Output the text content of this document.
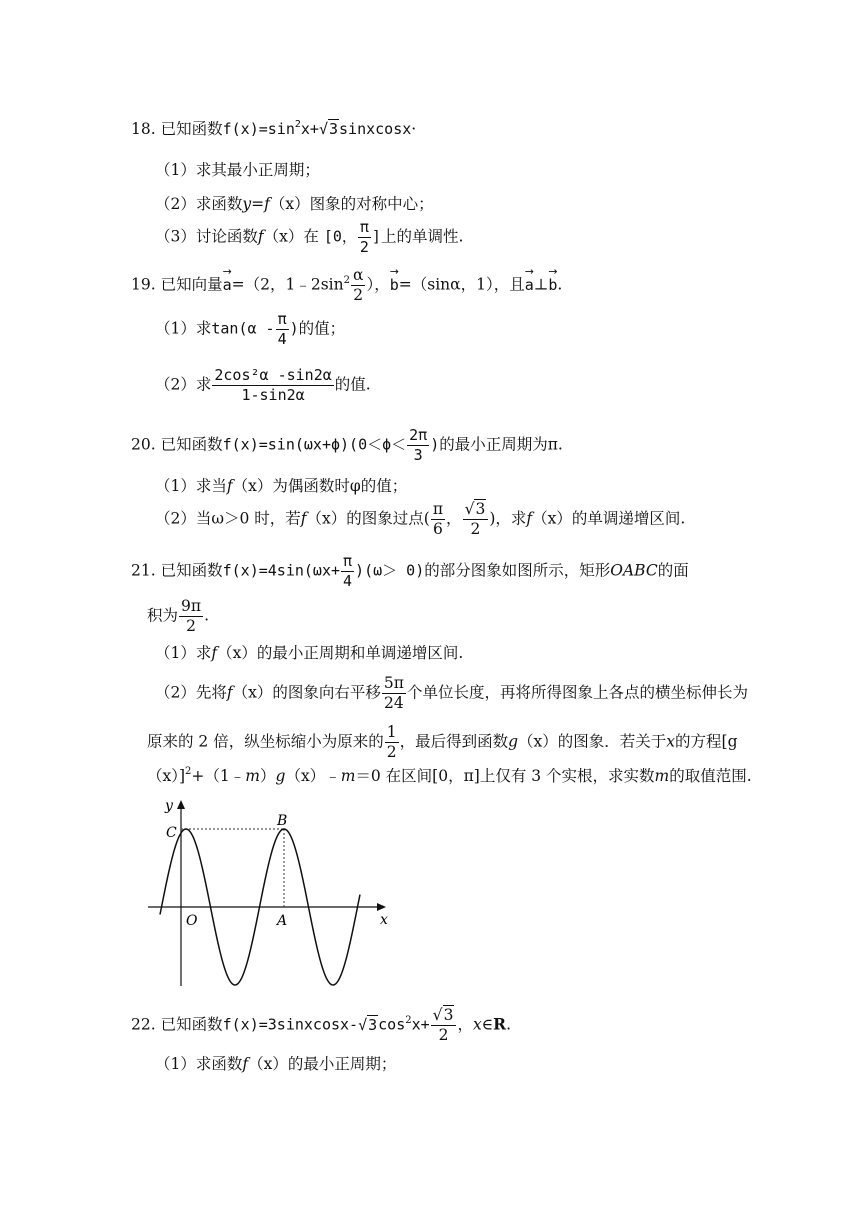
18. 已知函数$f(x)=\sin^2x+√3sinxcosx\cdot$
（1）求其最小正周期；
（2）求函数y=f（x）图象的对称中心；
（3）讨论函数f（x）在 [0， $\frac{\pi}{2}$ ]上的单调性.
19. 已知向量→ a=（2，$1﹣2\sin^2 \frac{\alpha}{2}$ ），→ b=（sinα，1），且→ a⊥→ b.
（1）求$\tan(\alpha - \frac{\pi}{4}$ )的值；
（2）求 $\frac{\text{2cos²α -sin2α}}{1-\sin 2\alpha}$ 的值.
20. 已知函数$f(x)=\sin(\omega x+\phi)(0<\phi< \frac{2\pi}{3}$ )的最小正周期为π.
（1）求当f（x）为偶函数时φ的值；
（2）当ω＞0 时，若f（x）的图象过点( $\frac{\pi}{6}$ ， $\frac{√3}{2}$ )，求f（x）的单调递增区间.
21. 已知函数$f(x)=4\sin(\omega x+ \frac{\pi}{4} )(\omega> 0)$的部分图象如图所示，矩形OABC的面
积为 $\frac{9\pi}{2}$ .
（1）求f（x）的最小正周期和单调递增区间.
（2）先将f（x）的图象向右平移 $\frac{5\pi}{24}$ 个单位长度，再将所得图象上各点的横坐标伸长为
原来的 2 倍，纵坐标缩小为原来的 $\frac{1}{2}$ ，最后得到函数g（x）的图象．若关于x的方程[g
（x）]$^2$+（1﹣m）g（x）﹣m＝0 在区间[0，π]上仅有 3 个实根，求实数m的取值范围.
y
x
C
B
O	A
22. 已知函数$f(x)=3sinxcosx-√3\cos^2x+ \frac{√3}{2}$ ，x∈R.
（1）求函数f（x）的最小正周期；
